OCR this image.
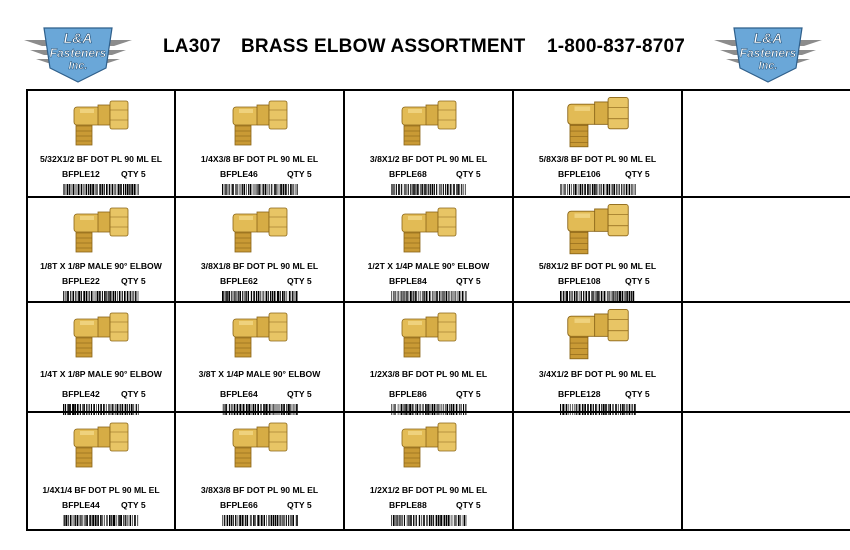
L&A
Fasteners
Inc.
LA307 BRASS ELBOW ASSORTMENT 1-800-837-8707	L&A
Fasteners
Inc.
5/32X1/2 BF DOT PL 90 ML EL
BFPLE12 QTY 5
1/4X3/8 BF DOT PL 90 ML EL
BFPLE46	QTY 5
3/8X1/2 BF DOT PL 90 ML EL
BFPLE68	QTY 5
5/8X3/8 BF DOT PL 90 ML EL
BFPLE106	QTY 5
1/8T X 1/8P MALE 90° ELBOW
BFPLE22 QTY 5
3/8X1/8 BF DOT PL 90 ML EL
BFPLE62	QTY 5
1/2T X 1/4P MALE 90° ELBOW
BFPLE84	QTY 5
5/8X1/2 BF DOT PL 90 ML EL
BFPLE108	QTY 5
1/4T X 1/8P MALE 90° ELBOW
BFPLE42 QTY 5
3/8T X 1/4P MALE 90° ELBOW
BFPLE64	QTY 5
1/2X3/8 BF DOT PL 90 ML EL
BFPLE86	QTY 5
3/4X1/2 BF DOT PL 90 ML EL
BFPLE128	QTY 5
1/4X1/4 BF DOT PL 90 ML EL
BFPLE44 QTY 5
3/8X3/8 BF DOT PL 90 ML EL
BFPLE66	QTY 5
1/2X1/2 BF DOT PL 90 ML EL
BFPLE88	QTY 5
